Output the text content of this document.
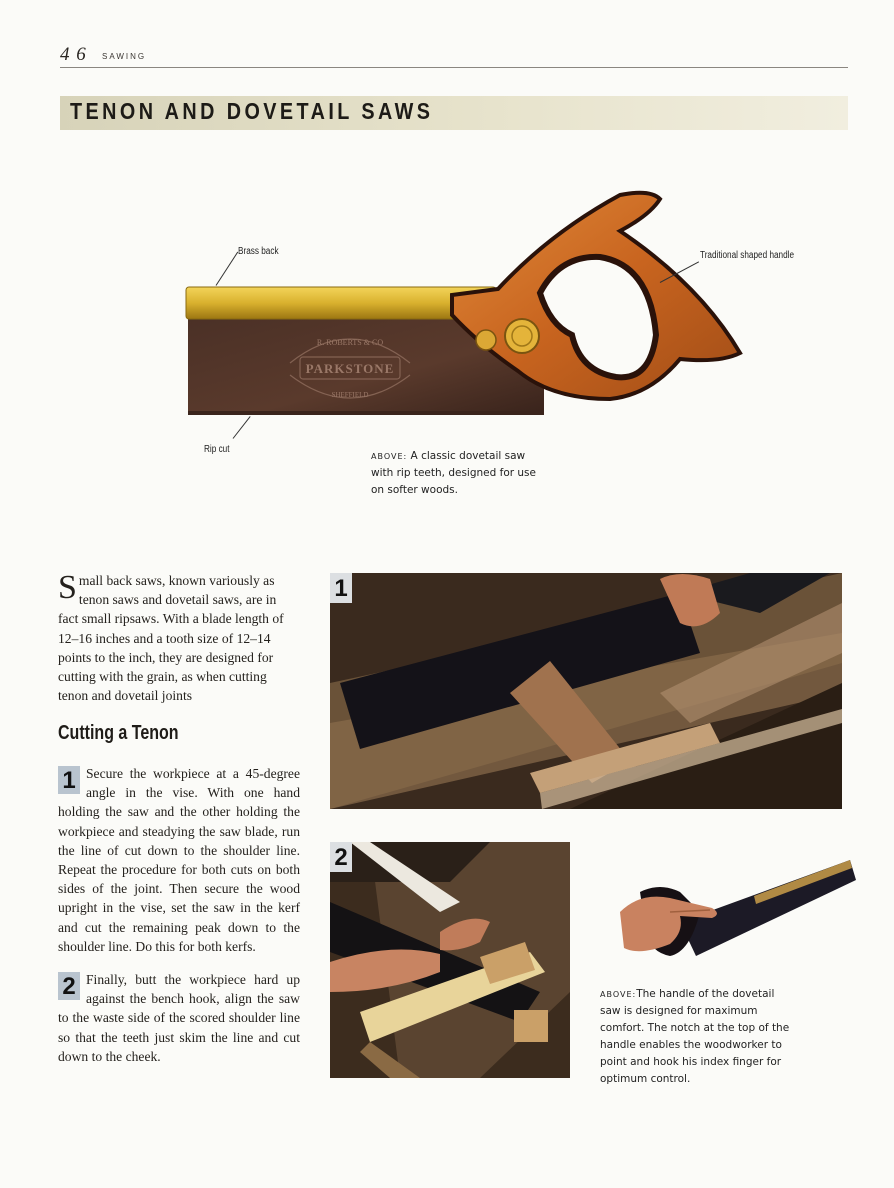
4 6 SAWING
TENON AND DOVETAIL SAWS
PARKSTONE
R. ROBERTS & CO
SHEFFIELD
Brass back	Traditional shaped handle
Rip cut
ABOVE: A classic dovetail saw with rip teeth, designed for use on softer woods.
Small back saws, known variously as tenon saws and dovetail saws, are in fact small ripsaws. With a blade length of 12–16 inches and a tooth size of 12–14 points to the inch, they are designed for cutting with the grain, as when cutting tenon and dovetail joints
Cutting a Tenon
1 Secure the workpiece at a 45-degree angle in the vise. With one hand holding the saw and the other holding the workpiece and steadying the saw blade, run the line of cut down to the shoulder line. Repeat the procedure for both cuts on both sides of the joint. Then secure the wood upright in the vise, set the saw in the kerf and cut the remaining peak down to the shoulder line. Do this for both kerfs.
2 Finally, butt the workpiece hard up against the bench hook, align the saw to the waste side of the scored shoulder line so that the teeth just skim the line and cut down to the cheek.
1
2
ABOVE:The handle of the dovetail saw is designed for maximum comfort. The notch at the top of the handle enables the woodworker to point and hook his index finger for optimum control.
